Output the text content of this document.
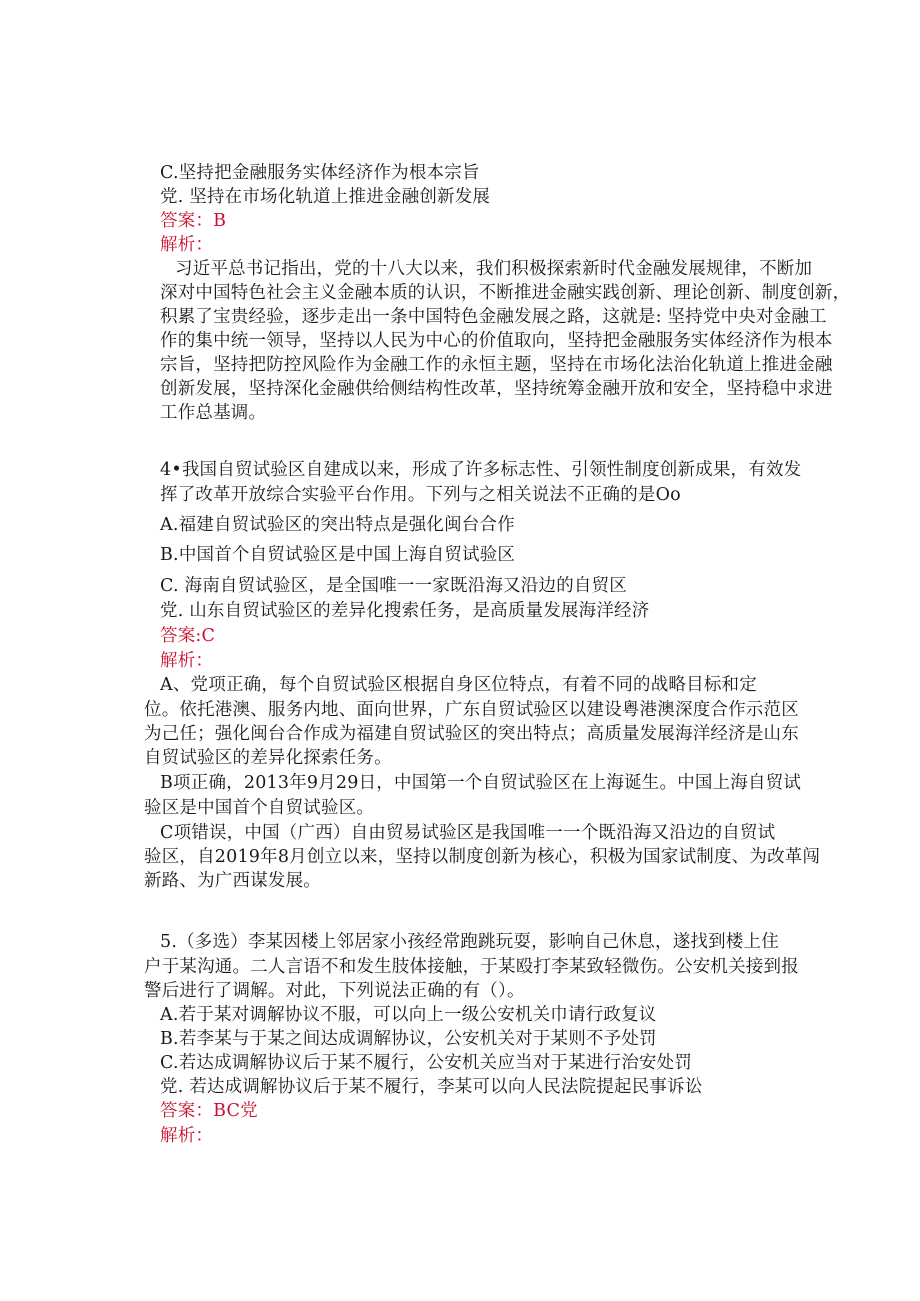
C.坚持把金融服务实体经济作为根本宗旨
党. 坚持在市场化轨道上推进金融创新发展
答案：B
解析：
习近平总书记指出，党的十八大以来，我们积极探索新时代金融发展规律，不断加
深对中国特色社会主义金融本质的认识，不断推进金融实践创新、理论创新、制度创新，
积累了宝贵经验，逐步走出一条中国特色金融发展之路，这就是: 坚持党中央对金融工
作的集中统一领导，坚持以人民为中心的价值取向，坚持把金融服务实体经济作为根本
宗旨，坚持把防控风险作为金融工作的永恒主题，坚持在市场化法治化轨道上推进金融
创新发展，坚持深化金融供给侧结构性改革，坚持统筹金融开放和安全，坚持稳中求进
工作总基调。
4•我国自贸试验区自建成以来，形成了许多标志性、引领性制度创新成果，有效发
挥了改革开放综合实验平台作用。下列与之相关说法不正确的是Oo
A.福建自贸试验区的突出特点是强化闽台合作
B.中国首个自贸试验区是中国上海自贸试验区
C. 海南自贸试验区，是全国唯一一家既沿海又沿边的自贸区
党. 山东自贸试验区的差异化搜索任务，是高质量发展海洋经济
答案:C
解析：
A、党项正确，每个自贸试验区根据自身区位特点，有着不同的战略目标和定
位。依托港澳、服务内地、面向世界，广东自贸试验区以建设粤港澳深度合作示范区
为己任；强化闽台合作成为福建自贸试验区的突出特点；高质量发展海洋经济是山东
自贸试验区的差异化探索任务。
B项正确，2013年9月29日，中国第一个自贸试验区在上海诞生。中国上海自贸试
验区是中国首个自贸试验区。
C项错误，中国（广西）自由贸易试验区是我国唯一一个既沿海又沿边的自贸试
验区，自2019年8月创立以来，坚持以制度创新为核心，积极为国家试制度、为改革闯
新路、为广西谋发展。
5.（多选）李某因楼上邻居家小孩经常跑跳玩耍，影响自己休息，遂找到楼上住
户于某沟通。二人言语不和发生肢体接触，于某殴打李某致轻微伤。公安机关接到报
警后进行了调解。对此，下列说法正确的有（）。
A.若于某对调解协议不服，可以向上一级公安机关巾请行政复议
B.若李某与于某之间达成调解协议，公安机关对于某则不予处罚
C.若达成调解协议后于某不履行，公安机关应当对于某进行治安处罚
党. 若达成调解协议后于某不履行，李某可以向人民法院提起民事诉讼
答案：BC党
解析：
